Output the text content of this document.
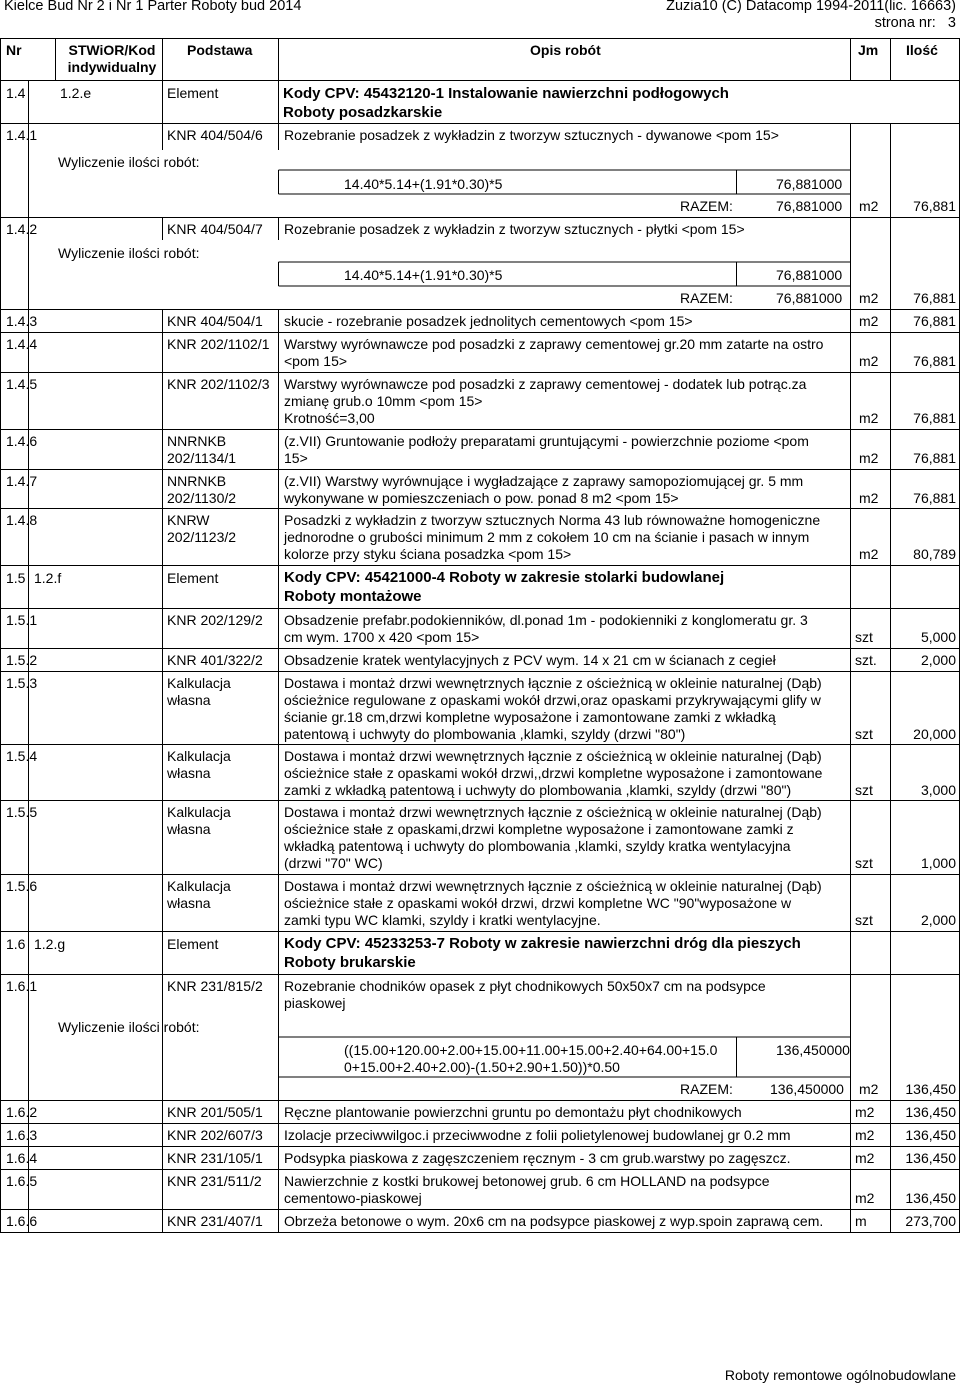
Kielce Bud Nr 2 i Nr 1 Parter Roboty bud 2014	Zuzia10 (C) Datacomp 1994-2011(lic. 16663)
strona nr: 3
Nr	STWiOR/Kod indywidualny
Podstawa	Opis robót	Jm Ilość
1.4 1.2.e	Element	Kody CPV: 45432120-1 Instalowanie nawierzchni podłogowych
Roboty posadzkarskie
1.4.1	KNR 404/504/6 Rozebranie posadzek z wykładzin z tworzyw sztucznych - dywanowe <pom 15>
Wyliczenie ilości robót:
14.40*5.14+(1.91*0.30)*5	76,881000
RAZEM:	76,881000 m2 76,881
1.4.2	KNR 404/504/7 Rozebranie posadzek z wykładzin z tworzyw sztucznych - płytki <pom 15>
Wyliczenie ilości robót:
14.40*5.14+(1.91*0.30)*5	76,881000
RAZEM:	76,881000 m2 76,881
1.4.3	KNR 404/504/1 skucie - rozebranie posadzek jednolitych cementowych <pom 15>	m2 76,881
1.4.4	KNR 202/1102/1 Warstwy wyrównawcze pod posadzki z zaprawy cementowej gr.20 mm zatarte na ostro
<pom 15>	m2 76,881
1.4.5	KNR 202/1102/3 Warstwy wyrównawcze pod posadzki z zaprawy cementowej - dodatek lub potrąc.za
zmianę grub.o 10mm <pom 15>
Krotność=3,00	m2 76,881
1.4.6	NNRNKB
202/1134/1
(z.VII) Gruntowanie podłoży preparatami gruntującymi - powierzchnie poziome <pom
15>	m2 76,881
1.4.7	NNRNKB
202/1130/2
(z.VII) Warstwy wyrównujące i wygładzające z zaprawy samopoziomującej gr. 5 mm
wykonywane w pomieszczeniach o pow. ponad 8 m2 <pom 15>	m2 76,881
1.4.8	KNRW
202/1123/2
Posadzki z wykładzin z tworzyw sztucznych Norma 43 lub równoważne homogeniczne
jednorodne o grubości minimum 2 mm z cokołem 10 cm na ścianie i pasach w innym
kolorze przy styku ściana posadzka <pom 15>	m2 80,789
1.5 1.2.f	Element	Kody CPV: 45421000-4 Roboty w zakresie stolarki budowlanej
Roboty montażowe
1.5.1	KNR 202/129/2 Obsadzenie prefabr.podokienników, dl.ponad 1m - podokienniki z konglomeratu gr. 3
cm wym. 1700 x 420 <pom 15>	szt	5,000
1.5.2	KNR 401/322/2 Obsadzenie kratek wentylacyjnych z PCV wym. 14 x 21 cm w ścianach z cegieł	szt.	2,000
1.5.3	Kalkulacja
własna
Dostawa i montaż drzwi wewnętrznych łącznie z ościeżnicą w okleinie naturalnej (Dąb)
ościeżnice regulowane z opaskami wokół drzwi,oraz opaskami przykrywającymi glify w
ścianie gr.18 cm,drzwi kompletne wyposażone i zamontowane zamki z wkładką
patentową i uchwyty do plombowania ,klamki, szyldy (drzwi "80")	szt	20,000
1.5.4	Kalkulacja
własna
Dostawa i montaż drzwi wewnętrznych łącznie z ościeżnicą w okleinie naturalnej (Dąb)
ościeżnice stałe z opaskami wokół drzwi,,drzwi kompletne wyposażone i zamontowane
zamki z wkładką patentową i uchwyty do plombowania ,klamki, szyldy (drzwi "80")	szt	3,000
1.5.5	Kalkulacja
własna
Dostawa i montaż drzwi wewnętrznych łącznie z ościeżnicą w okleinie naturalnej (Dąb)
ościeżnice stałe z opaskami,drzwi kompletne wyposażone i zamontowane zamki z
wkładką patentową i uchwyty do plombowania ,klamki, szyldy kratka wentylacyjna
(drzwi "70" WC)	szt	1,000
1.5.6	Kalkulacja
własna
Dostawa i montaż drzwi wewnętrznych łącznie z ościeżnicą w okleinie naturalnej (Dąb)
ościeżnice stałe z opaskami wokół drzwi, drzwi kompletne WC "90"wyposażone w
zamki typu WC klamki, szyldy i kratki wentylacyjne.	szt	2,000
1.6 1.2.g	Element	Kody CPV: 45233253-7 Roboty w zakresie nawierzchni dróg dla pieszych
Roboty brukarskie
1.6.1	KNR 231/815/2 Rozebranie chodników opasek z płyt chodnikowych 50x50x7 cm na podsypce
piaskowej
Wyliczenie ilości robót:
((15.00+120.00+2.00+15.00+11.00+15.00+2.40+64.00+15.0
0+15.00+2.40+2.00)-(1.50+2.90+1.50))*0.50
136,450000
RAZEM:	136,450000 m2 136,450
1.6.2	KNR 201/505/1 Ręczne plantowanie powierzchni gruntu po demontażu płyt chodnikowych	m2 136,450
1.6.3	KNR 202/607/3 Izolacje przeciwwilgoc.i przeciwwodne z folii polietylenowej budowlanej gr 0.2 mm	m2 136,450
1.6.4	KNR 231/105/1 Podsypka piaskowa z zagęszczeniem ręcznym - 3 cm grub.warstwy po zagęszcz.	m2 136,450
1.6.5	KNR 231/511/2 Nawierzchnie z kostki brukowej betonowej grub. 6 cm HOLLAND na podsypce
cementowo-piaskowej	m2 136,450
1.6.6	KNR 231/407/1 Obrzeża betonowe o wym. 20x6 cm na podsypce piaskowej z wyp.spoin zaprawą cem. m	273,700
Roboty remontowe ogólnobudowlane
